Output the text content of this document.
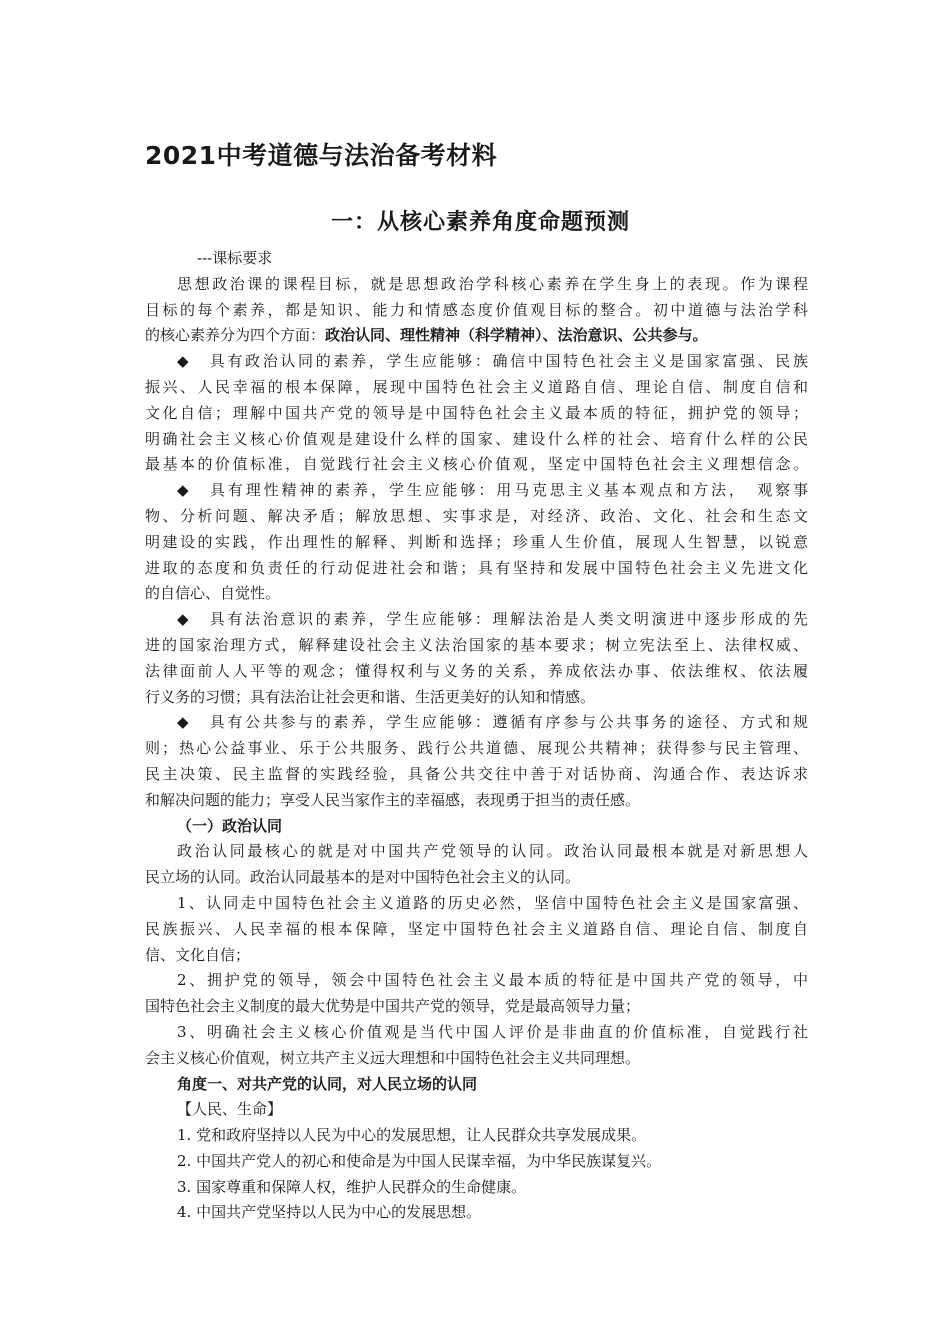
2021中考道德与法治备考材料
一：从核心素养角度命题预测
---课标要求
思想政治课的课程目标，就是思想政治学科核心素养在学生身上的表现。作为课程
目标的每个素养，都是知识、能力和情感态度价值观目标的整合。初中道德与法治学科
的核心素养分为四个方面：政治认同、理性精神（科学精神）、法治意识、公共参与。
◆ 具有政治认同的素养，学生应能够：确信中国特色社会主义是国家富强、民族
振兴、人民幸福的根本保障，展现中国特色社会主义道路自信、理论自信、制度自信和
文化自信；理解中国共产党的领导是中国特色社会主义最本质的特征，拥护党的领导；
明确社会主义核心价值观是建设什么样的国家、建设什么样的社会、培育什么样的公民
最基本的价值标准，自觉践行社会主义核心价值观，坚定中国特色社会主义理想信念。
◆ 具有理性精神的素养，学生应能够：用马克思主义基本观点和方法，　观察事
物、分析问题、解决矛盾；解放思想、实事求是，对经济、政治、文化、社会和生态文
明建设的实践，作出理性的解释、判断和选择；珍重人生价值，展现人生智慧，以锐意
进取的态度和负责任的行动促进社会和谐；具有坚持和发展中国特色社会主义先进文化
的自信心、自觉性。
◆ 具有法治意识的素养，学生应能够：理解法治是人类文明演进中逐步形成的先
进的国家治理方式，解释建设社会主义法治国家的基本要求；树立宪法至上、法律权威、
法律面前人人平等的观念；懂得权利与义务的关系，养成依法办事、依法维权、依法履
行义务的习惯；具有法治让社会更和谐、生活更美好的认知和情感。
◆ 具有公共参与的素养，学生应能够：遵循有序参与公共事务的途径、方式和规
则；热心公益事业、乐于公共服务、践行公共道德、展现公共精神；获得参与民主管理、
民主决策、民主监督的实践经验，具备公共交往中善于对话协商、沟通合作、表达诉求
和解决问题的能力；享受人民当家作主的幸福感，表现勇于担当的责任感。
（一）政治认同
政治认同最核心的就是对中国共产党领导的认同。政治认同最根本就是对新思想人
民立场的认同。政治认同最基本的是对中国特色社会主义的认同。
1、认同走中国特色社会主义道路的历史必然，坚信中国特色社会主义是国家富强、
民族振兴、人民幸福的根本保障，坚定中国特色社会主义道路自信、理论自信、制度自
信、文化自信；
2、拥护党的领导，领会中国特色社会主义最本质的特征是中国共产党的领导，中
国特色社会主义制度的最大优势是中国共产党的领导，党是最高领导力量；
3、明确社会主义核心价值观是当代中国人评价是非曲直的价值标准，自觉践行社
会主义核心价值观，树立共产主义远大理想和中国特色社会主义共同理想。
角度一、对共产党的认同，对人民立场的认同
【人民、生命】
1. 党和政府坚持以人民为中心的发展思想，让人民群众共享发展成果。
2. 中国共产党人的初心和使命是为中国人民谋幸福，为中华民族谋复兴。
3. 国家尊重和保障人权，维护人民群众的生命健康。
4. 中国共产党坚持以人民为中心的发展思想。
